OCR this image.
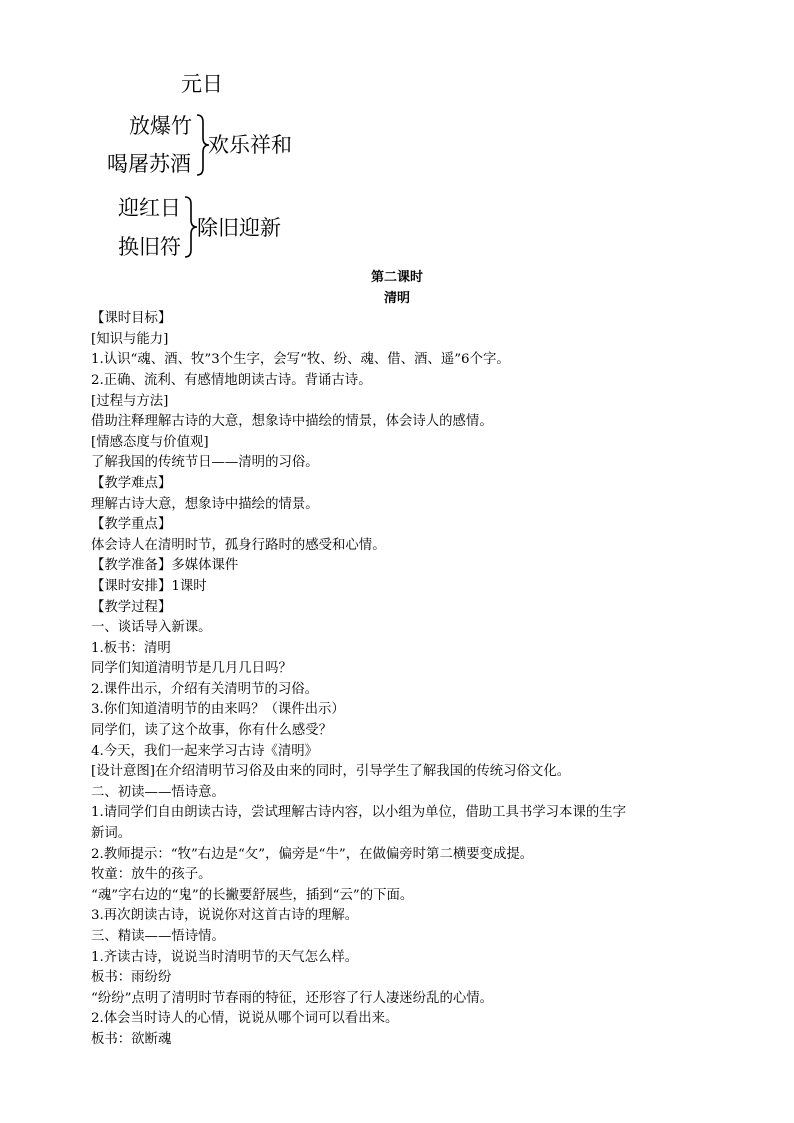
元日
放爆竹
喝屠苏酒
欢乐祥和
迎红日
换旧符
除旧迎新
第二课时
清明
【课时目标】
[知识与能力]
1.认识“魂、酒、牧”3个生字，会写“牧、纷、魂、借、酒、遥”6个字。
2.正确、流利、有感情地朗读古诗。背诵古诗。
[过程与方法]
借助注释理解古诗的大意，想象诗中描绘的情景，体会诗人的感情。
[情感态度与价值观]
了解我国的传统节日——清明的习俗。
【教学难点】
理解古诗大意，想象诗中描绘的情景。
【教学重点】
体会诗人在清明时节，孤身行路时的感受和心情。
【教学准备】多媒体课件
【课时安排】1课时
【教学过程】
一、谈话导入新课。
1.板书：清明
同学们知道清明节是几月几日吗？
2.课件出示，介绍有关清明节的习俗。
3.你们知道清明节的由来吗？（课件出示）
同学们，读了这个故事，你有什么感受？
4.今天，我们一起来学习古诗《清明》
[设计意图]在介绍清明节习俗及由来的同时，引导学生了解我国的传统习俗文化。
二、初读——悟诗意。
1.请同学们自由朗读古诗，尝试理解古诗内容，以小组为单位，借助工具书学习本课的生字
新词。
2.教师提示：“牧”右边是“攵”，偏旁是“牛”，在做偏旁时第二横要变成提。
牧童：放牛的孩子。
“魂”字右边的“鬼”的长撇要舒展些，插到“云”的下面。
3.再次朗读古诗，说说你对这首古诗的理解。
三、精读——悟诗情。
1.齐读古诗，说说当时清明节的天气怎么样。
板书：雨纷纷
“纷纷”点明了清明时节春雨的特征，还形容了行人凄迷纷乱的心情。
2.体会当时诗人的心情，说说从哪个词可以看出来。
板书：欲断魂
